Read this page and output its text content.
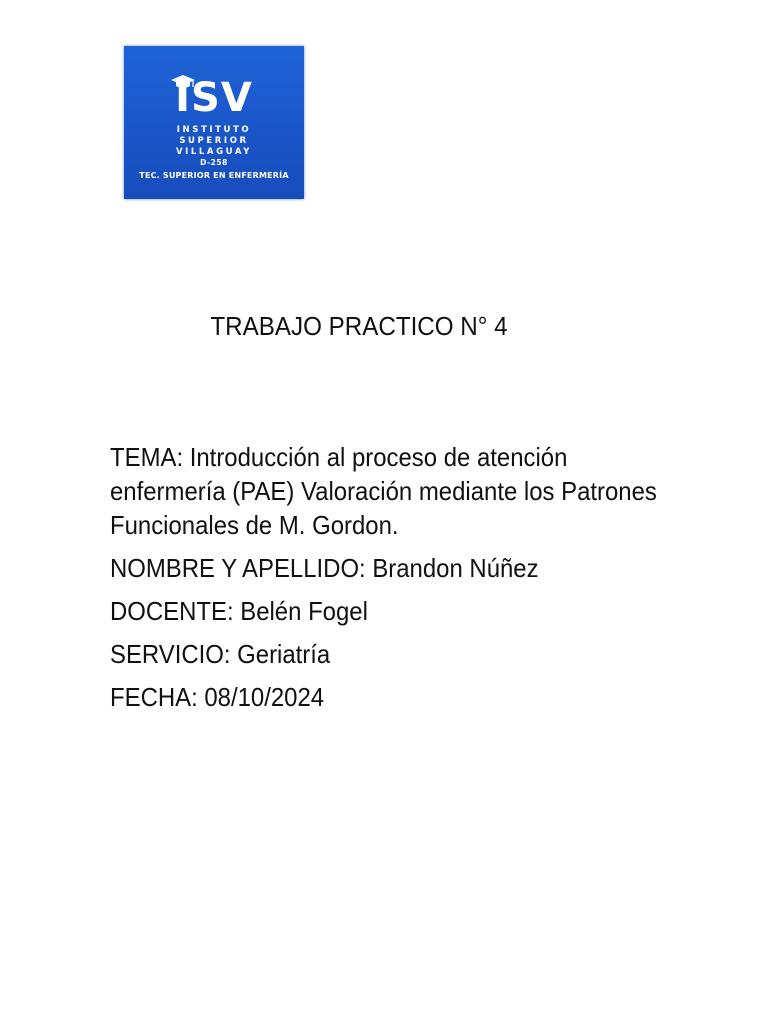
ISV
INSTITUTO
SUPERIOR
VILLAGUAY
D-258
TEC. SUPERIOR EN ENFERMERÍA
TRABAJO PRACTICO N° 4

TEMA: Introducción al proceso de atención enfermería (PAE) Valoración mediante los Patrones Funcionales de M. Gordon.

NOMBRE Y APELLIDO: Brandon Núñez

DOCENTE: Belén Fogel

SERVICIO: Geriatría

FECHA: 08/10/2024
